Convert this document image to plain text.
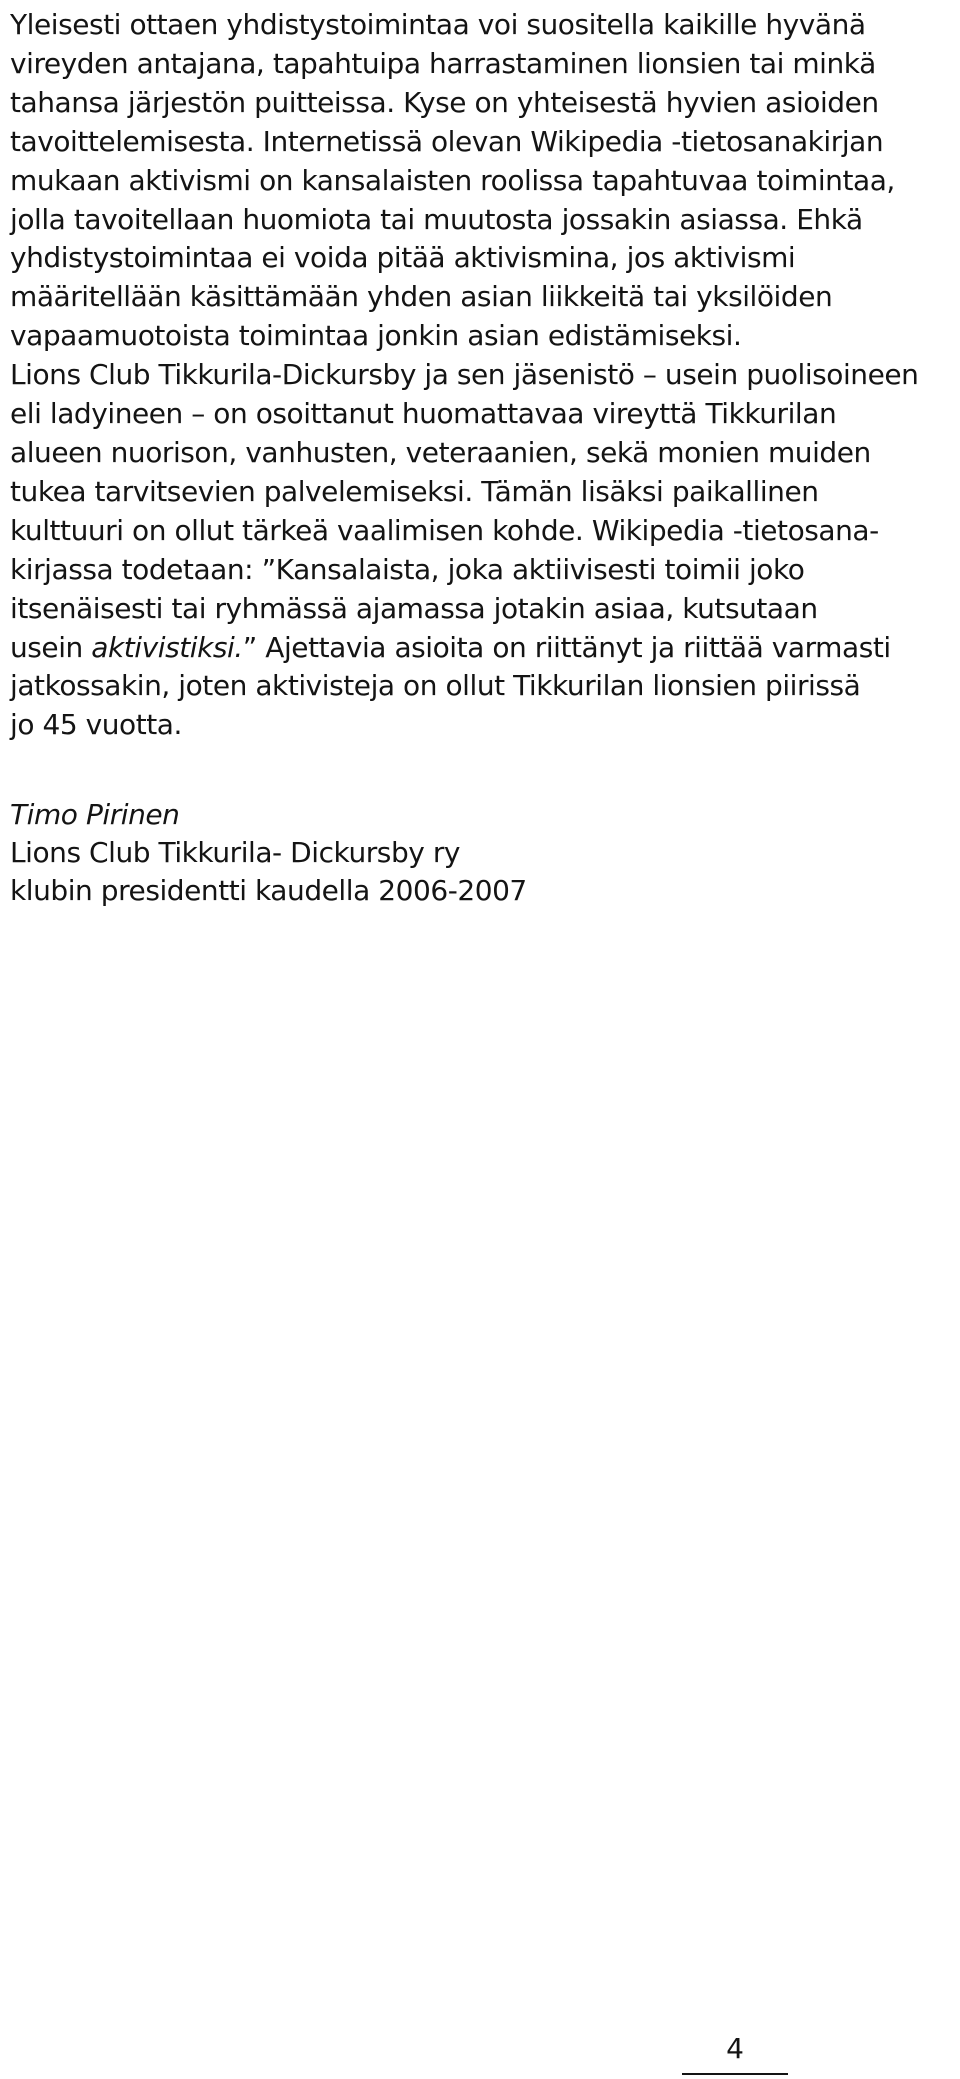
Yleisesti ottaen yhdistystoimintaa voi suositella kaikille hyvänä
vireyden antajana, tapahtuipa harrastaminen lionsien tai minkä
tahansa järjestön puitteissa. Kyse on yhteisestä hyvien asioiden
tavoittelemisesta. Internetissä olevan Wikipedia -tietosanakirjan
mukaan aktivismi on kansalaisten roolissa tapahtuvaa toimintaa,
jolla tavoitellaan huomiota tai muutosta jossakin asiassa. Ehkä
yhdistystoimintaa ei voida pitää aktivismina, jos aktivismi
määritellään käsittämään yhden asian liikkeitä tai yksilöiden
vapaamuotoista toimintaa jonkin asian edistämiseksi.
Lions Club Tikkurila-Dickursby ja sen jäsenistö – usein puolisoineen
eli ladyineen – on osoittanut huomattavaa vireyttä Tikkurilan
alueen nuorison, vanhusten, veteraanien, sekä monien muiden
tukea tarvitsevien palvelemiseksi. Tämän lisäksi paikallinen
kulttuuri on ollut tärkeä vaalimisen kohde. Wikipedia -tietosana-
kirjassa todetaan: ”Kansalaista, joka aktiivisesti toimii joko
itsenäisesti tai ryhmässä ajamassa jotakin asiaa, kutsutaan
usein aktivistiksi.” Ajettavia asioita on riittänyt ja riittää varmasti
jatkossakin, joten aktivisteja on ollut Tikkurilan lionsien piirissä
jo 45 vuotta.
Timo Pirinen
Lions Club Tikkurila- Dickursby ry
klubin presidentti kaudella 2006-2007
4
